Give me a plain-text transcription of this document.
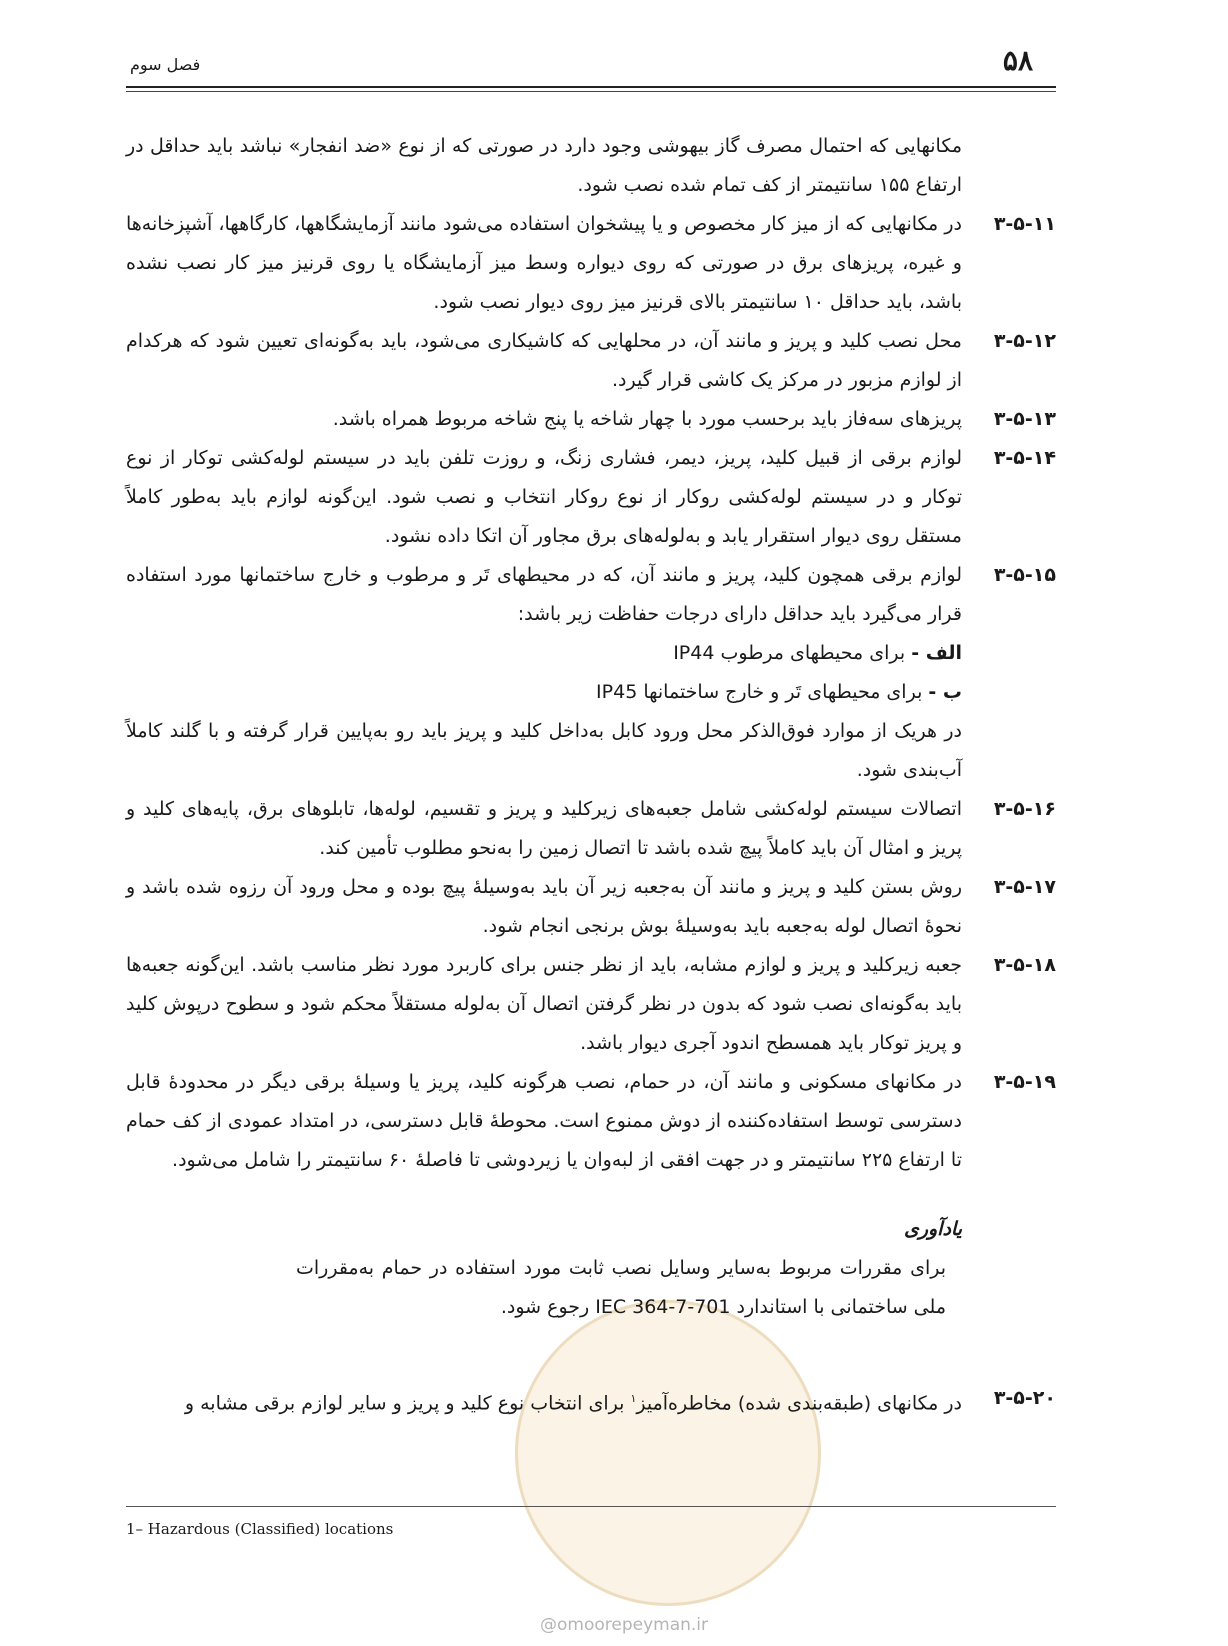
۵۸
فصل سوم
مکانهایی که احتمال مصرف گاز بیهوشی وجود دارد در صورتی که از نوع «ضد انفجار» نباشد باید حداقل در ارتفاع ۱۵۵ سانتیمتر از کف تمام شده نصب شود.
۳-۵-۱۱
در مکانهایی که از میز کار مخصوص و یا پیشخوان استفاده می‌شود مانند آزمایشگاهها، کارگاهها، آشپزخانه‌ها و غیره، پریزهای برق در صورتی که روی دیواره وسط میز آزمایشگاه یا روی قرنیز میز کار نصب نشده باشد، باید حداقل ۱۰ سانتیمتر بالای قرنیز میز روی دیوار نصب شود.
۳-۵-۱۲
محل نصب کلید و پریز و مانند آن، در محلهایی که کاشیکاری می‌شود، باید به‌گونه‌ای تعیین شود که هرکدام از لوازم مزبور در مرکز یک کاشی قرار گیرد.
۳-۵-۱۳
پریزهای سه‌فاز باید برحسب مورد با چهار شاخه یا پنج شاخه مربوط همراه باشد.
۳-۵-۱۴
لوازم برقی از قبیل کلید، پریز، دیمر، فشاری زنگ، و روزت تلفن باید در سیستم لوله‌کشی توکار از نوع توکار و در سیستم لوله‌کشی روکار از نوع روکار انتخاب و نصب شود. این‌گونه لوازم باید به‌طور کاملاً مستقل روی دیوار استقرار یابد و به‌لوله‌های برق مجاور آن اتکا داده نشود.
۳-۵-۱۵
لوازم برقی همچون کلید، پریز و مانند آن، که در محیطهای تَر و مرطوب و خارج ساختمانها مورد استفاده قرار می‌گیرد باید حداقل دارای درجات حفاظت زیر باشد:
الف - برای محیطهای مرطوب IP44
ب - برای محیطهای تَر و خارج ساختمانها IP45
در هریک از موارد فوق‌الذکر محل ورود کابل به‌داخل کلید و پریز باید رو به‌پایین قرار گرفته و با گلند کاملاً آب‌بندی شود.
۳-۵-۱۶
اتصالات سیستم لوله‌کشی شامل جعبه‌های زیرکلید و پریز و تقسیم، لوله‌ها، تابلوهای برق، پایه‌های کلید و پریز و امثال آن باید کاملاً پیچ شده باشد تا اتصال زمین را به‌نحو مطلوب تأمین کند.
۳-۵-۱۷
روش بستن کلید و پریز و مانند آن به‌جعبه زیر آن باید به‌وسیلهٔ پیچ بوده و محل ورود آن رزوه شده باشد و نحوهٔ اتصال لوله به‌جعبه باید به‌وسیلهٔ بوش برنجی انجام شود.
۳-۵-۱۸
جعبه زیرکلید و پریز و لوازم مشابه، باید از نظر جنس برای کاربرد مورد نظر مناسب باشد. این‌گونه جعبه‌ها باید به‌گونه‌ای نصب شود که بدون در نظر گرفتن اتصال آن به‌لوله مستقلاً محکم شود و سطوح درپوش کلید و پریز توکار باید همسطح اندود آجری دیوار باشد.
۳-۵-۱۹
در مکانهای مسکونی و مانند آن، در حمام، نصب هرگونه کلید، پریز یا وسیلهٔ برقی دیگر در محدودهٔ قابل دسترسی توسط استفاده‌کننده از دوش ممنوع است. محوطهٔ قابل دسترسی، در امتداد عمودی از کف حمام تا ارتفاع ۲۲۵ سانتیمتر و در جهت افقی از لبه‌وان یا زیردوشی تا فاصلهٔ ۶۰ سانتیمتر را شامل می‌شود.
یادآوری
برای مقررات مربوط به‌سایر وسایل نصب ثابت مورد استفاده در حمام به‌مقررات ملی ساختمانی با استاندارد IEC 364-7-701 رجوع شود.
۳-۵-۲۰
در مکانهای (طبقه‌بندی شده) مخاطره‌آمیز$^۱$ برای انتخاب نوع کلید و پریز و سایر لوازم برقی مشابه و
1– Hazardous (Classified) locations
@omoorepeyman.ir
